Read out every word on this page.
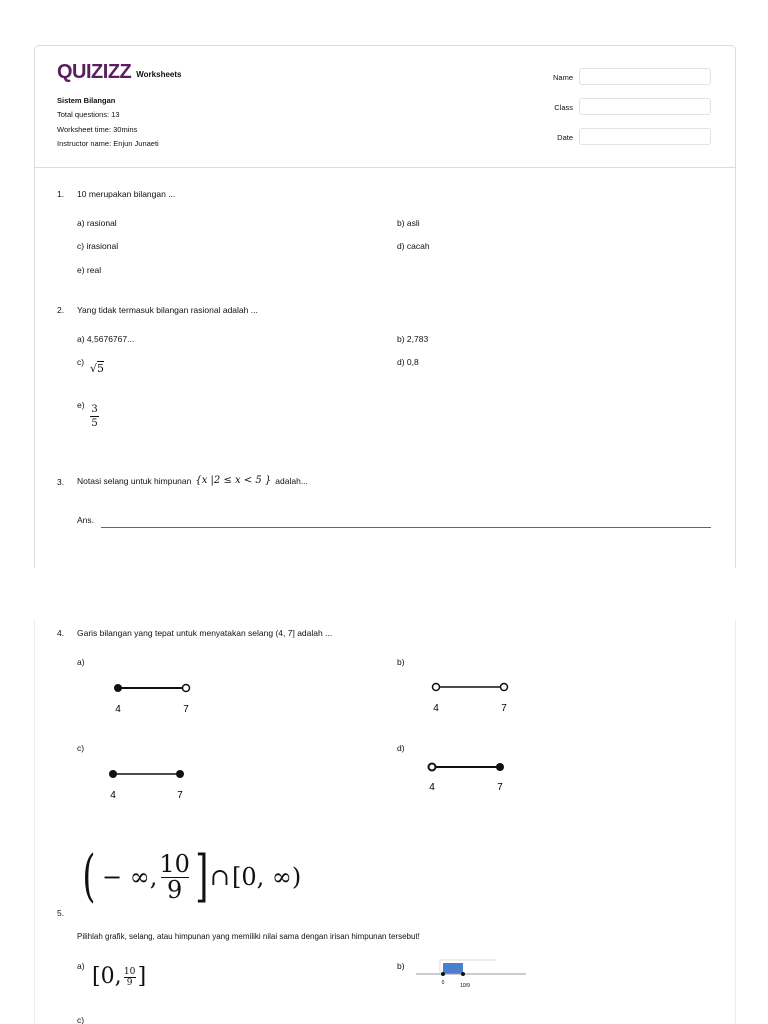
QUIZIZZ Worksheets
Sistem Bilangan
Total questions: 13
Worksheet time: 30mins
Instructor name: Enjun Junaeti
Name
Class
Date
1. 10 merupakan bilangan ...
a) rasional	b) asli
c) irasional	d) cacah
e) real
2. Yang tidak termasuk bilangan rasional adalah ...
a) 4,5676767...	b) 2,783
c) √5	d) 0,8
e) 3
5
3. Notasi selang untuk himpunan {x |2 ≤ x < 5 } adalah...
Ans.
4. Garis bilangan yang tepat untuk menyatakan selang (4, 7] adalah ...
a)	b)
c)	d)
4	7	4	7
4	7
4	7
( − ∞, 10
9 ] ∩ [0, ∞)
5.
Pilihlah grafik, selang, atau himpunan yang memiliki nilai sama dengan irisan himpunan tersebut!
a) [0, 10
9 ]	b)
0	10/9
c)
